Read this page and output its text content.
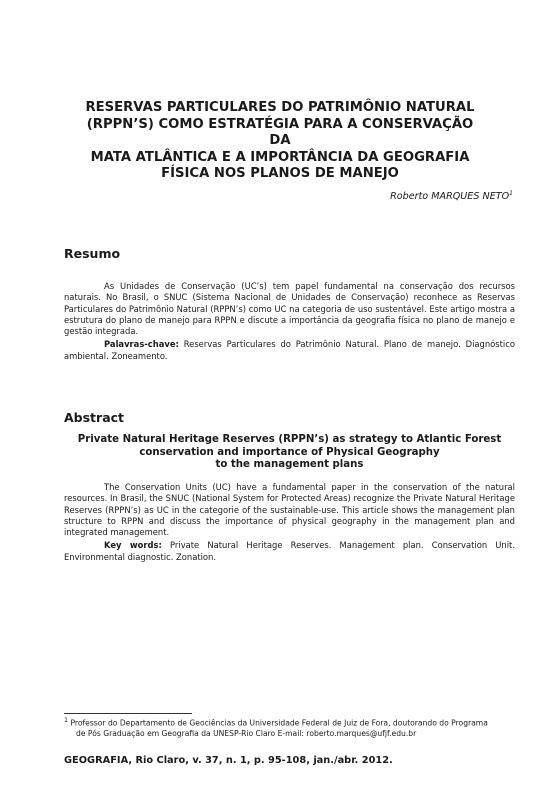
RESERVAS PARTICULARES DO PATRIMÔNIO NATURAL
(RPPN’S) COMO ESTRATÉGIA PARA A CONSERVAÇÃO DA
MATA ATLÂNTICA E A IMPORTÂNCIA DA GEOGRAFIA
FÍSICA NOS PLANOS DE MANEJO
Roberto MARQUES NETO$^1$
Resumo

As Unidades de Conservação (UC’s) tem papel fundamental na conservação dos recursos naturais. No Brasil, o SNUC (Sistema Nacional de Unidades de Conservação) reconhece as Reservas Particulares do Patrimônio Natural (RPPN’s) como UC na categoria de uso sustentável. Este artigo mostra a estrutura do plano de manejo para RPPN e discute a importância da geografia física no plano de manejo e gestão integrada.

Palavras-chave: Reservas Particulares do Patrimônio Natural. Plano de manejo. Diagnóstico ambiental. Zoneamento.

Abstract
Private Natural Heritage Reserves (RPPN’s) as strategy to Atlantic Forest
conservation and importance of Physical Geography
to the management plans

The Conservation Units (UC) have a fundamental paper in the conservation of the natural resources. In Brasil, the SNUC (National System for Protected Areas) recognize the Private Natural Heritage Reserves (RPPN’s) as UC in the categorie of the sustainable-use. This article shows the management plan structure to RPPN and discuss the importance of physical geography in the management plan and integrated management.

Key words: Private Natural Heritage Reserves. Management plan. Conservation Unit. Environmental diagnostic. Zonation.

$^1$ Professor do Departamento de Geociências da Universidade Federal de Juiz de Fora, doutorando do Programa
de Pós Graduação em Geografia da UNESP-Rio Claro E-mail: roberto.marques@ufjf.edu.br
GEOGRAFIA, Rio Claro, v. 37, n. 1, p. 95-108, jan./abr. 2012.
